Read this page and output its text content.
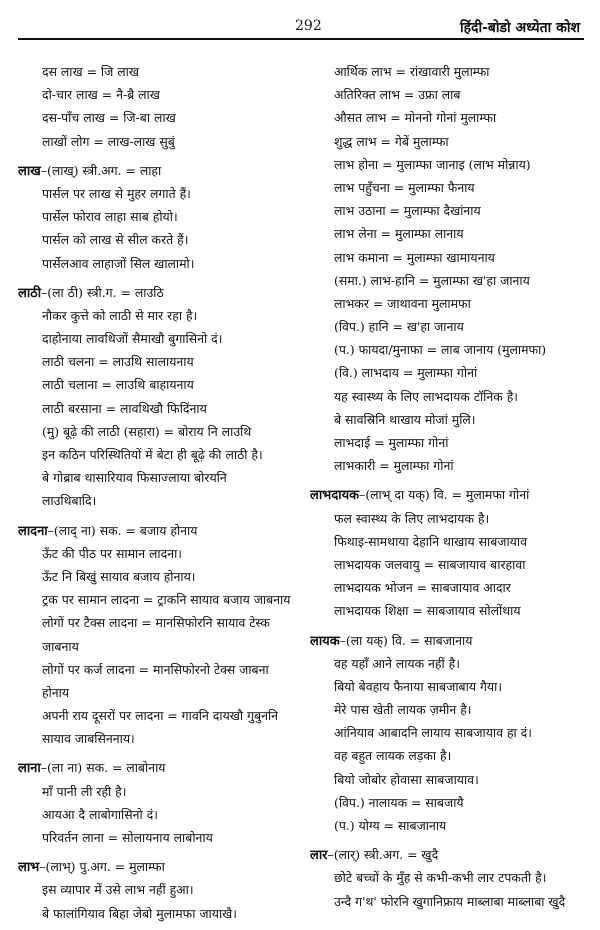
292	हिंदी-बोडो अध्येता कोश
दस लाख = जि लाख
दो-चार लाख = नै-ब्रै लाख
दस-पाँच लाख = जि-बा लाख
लाखों लोग = लाख-लाख सुबुं
लाख–(लाख्) स्त्री.अग. = लाहा
पार्सल पर लाख से मुहर लगाते हैं।
पार्सेल फोराव लाहा साब होयो।
पार्सल को लाख से सील करते हैं।
पार्सेलआव लाहाजों सिल खालामो।
लाठी–(ला ठी) स्त्री.ग. = लाउठि
नौकर कुत्ते को लाठी से मार रहा है।
दाहोनाया लावथिजों सैमाखौ बुगासिनो दं।
लाठी चलना = लाउथि सालायनाय
लाठी चलाना = लाउथि बाहायनाय
लाठी बरसाना = लावथिखौ फिदिंनाय
(मु) बूढ़े की लाठी (सहारा) = बोराय नि लाउथि
इन कठिन परिस्थितियों में बेटा ही बूढ़े की लाठी है।
बे गोब्राब थासारियाव फिसाज्लाया बोरयनि
लाउथिबादि।
लादना–(लाद् ना) सक. = बजाय होनाय
ऊँट की पीठ पर सामान लादना।
ऊँट नि बिखुं सायाव बजाय होनाय।
ट्रक पर सामान लादना = ट्राकनि सायाव बजाय जाबनाय
लोगों पर टैक्स लादना = मानसिफोरनि सायाव टेस्क
जाबनाय
लोगों पर कर्ज लादना = मानसिफोरनो टेक्स जाबना
होनाय
अपनी राय दूसरों पर लादना = गावनि दायखौ गुबुननि
सायाव जाबसिननाय।
लाना–(ला ना) सक. = लाबोनाय
माँ पानी ली रही है।
आयआ दै लाबोगासिनो दं।
परिवर्तन लाना = सोलायनाय लाबोनाय
लाभ–(लाभ्) पु.अग. = मुलाम्फा
इस व्यापार में उसे लाभ नहीं हुआ।
बे फालांगियाव बिहा जेबो मुलामफा जायाखै।
आर्थिक लाभ = रांखावारी मुलाम्फा
अतिरिक्त लाभ = उफ्रा लाब
औसत लाभ = मोननो गोनां मुलाम्फा
शुद्ध लाभ = गेबें मुलाम्फा
लाभ होना = मुलाम्फा जानाइ (लाभ मोन्नाय)
लाभ पहुँचना = मुलाम्फा फैनाय
लाभ उठाना = मुलाम्फा दैखांनाय
लाभ लेना = मुलाम्फा लानाय
लाभ कमाना = मुलाम्फा खामायनाय
(समा.) लाभ-हानि = मुलाम्फा ख'हा जानाय
लाभकर = जाथावना मुलामफा
(विप.) हानि = ख'हा जानाय
(प.) फायदा/मुनाफा = लाब जानाय (मुलामफा)
(वि.) लाभदाय = मुलाम्फा गोनां
यह स्वास्थ्य के लिए लाभदायक टॉनिक है।
बे सावस्रिनि थाखाय मोजां मुलि।
लाभदाई = मुलाम्फा गोनां
लाभकारी = मुलाम्फा गोनां
लाभदायक–(लाभ् दा यक्) वि. = मुलामफा गोनां
फल स्वास्थ्य के लिए लाभदायक है।
फिथाइ-सामथाया देहानि थाखाय साबजायाव
लाभदायक जलवायु = साबजायाव बारहावा
लाभदायक भोजन = साबजायाव आदार
लाभदायक शिक्षा = साबजायाव सोलोंथाय
लायक–(ला यक्) वि. = साबजानाय
वह यहाँ आने लायक नहीं है।
बियो बेवहाय फैनाया साबजाबाय गैया।
मेरे पास खेती लायक ज़मीन है।
आंनियाव आबादनि लायाय साबजायाव हा दं।
वह बहुत लायक लड़का है।
बियो जोबोर होवासा साबजायाव।
(विप.) नालायक = साबजायै
(प.) योग्य = साबजानाय
लार–(लार्) स्त्री.अग. = खुदै
छोटे बच्चों के मुँह से कभी-कभी लार टपकती है।
उन्दै ग'थ' फोरनि खुगानिफ्राय माब्लाबा माब्लाबा खुदै
